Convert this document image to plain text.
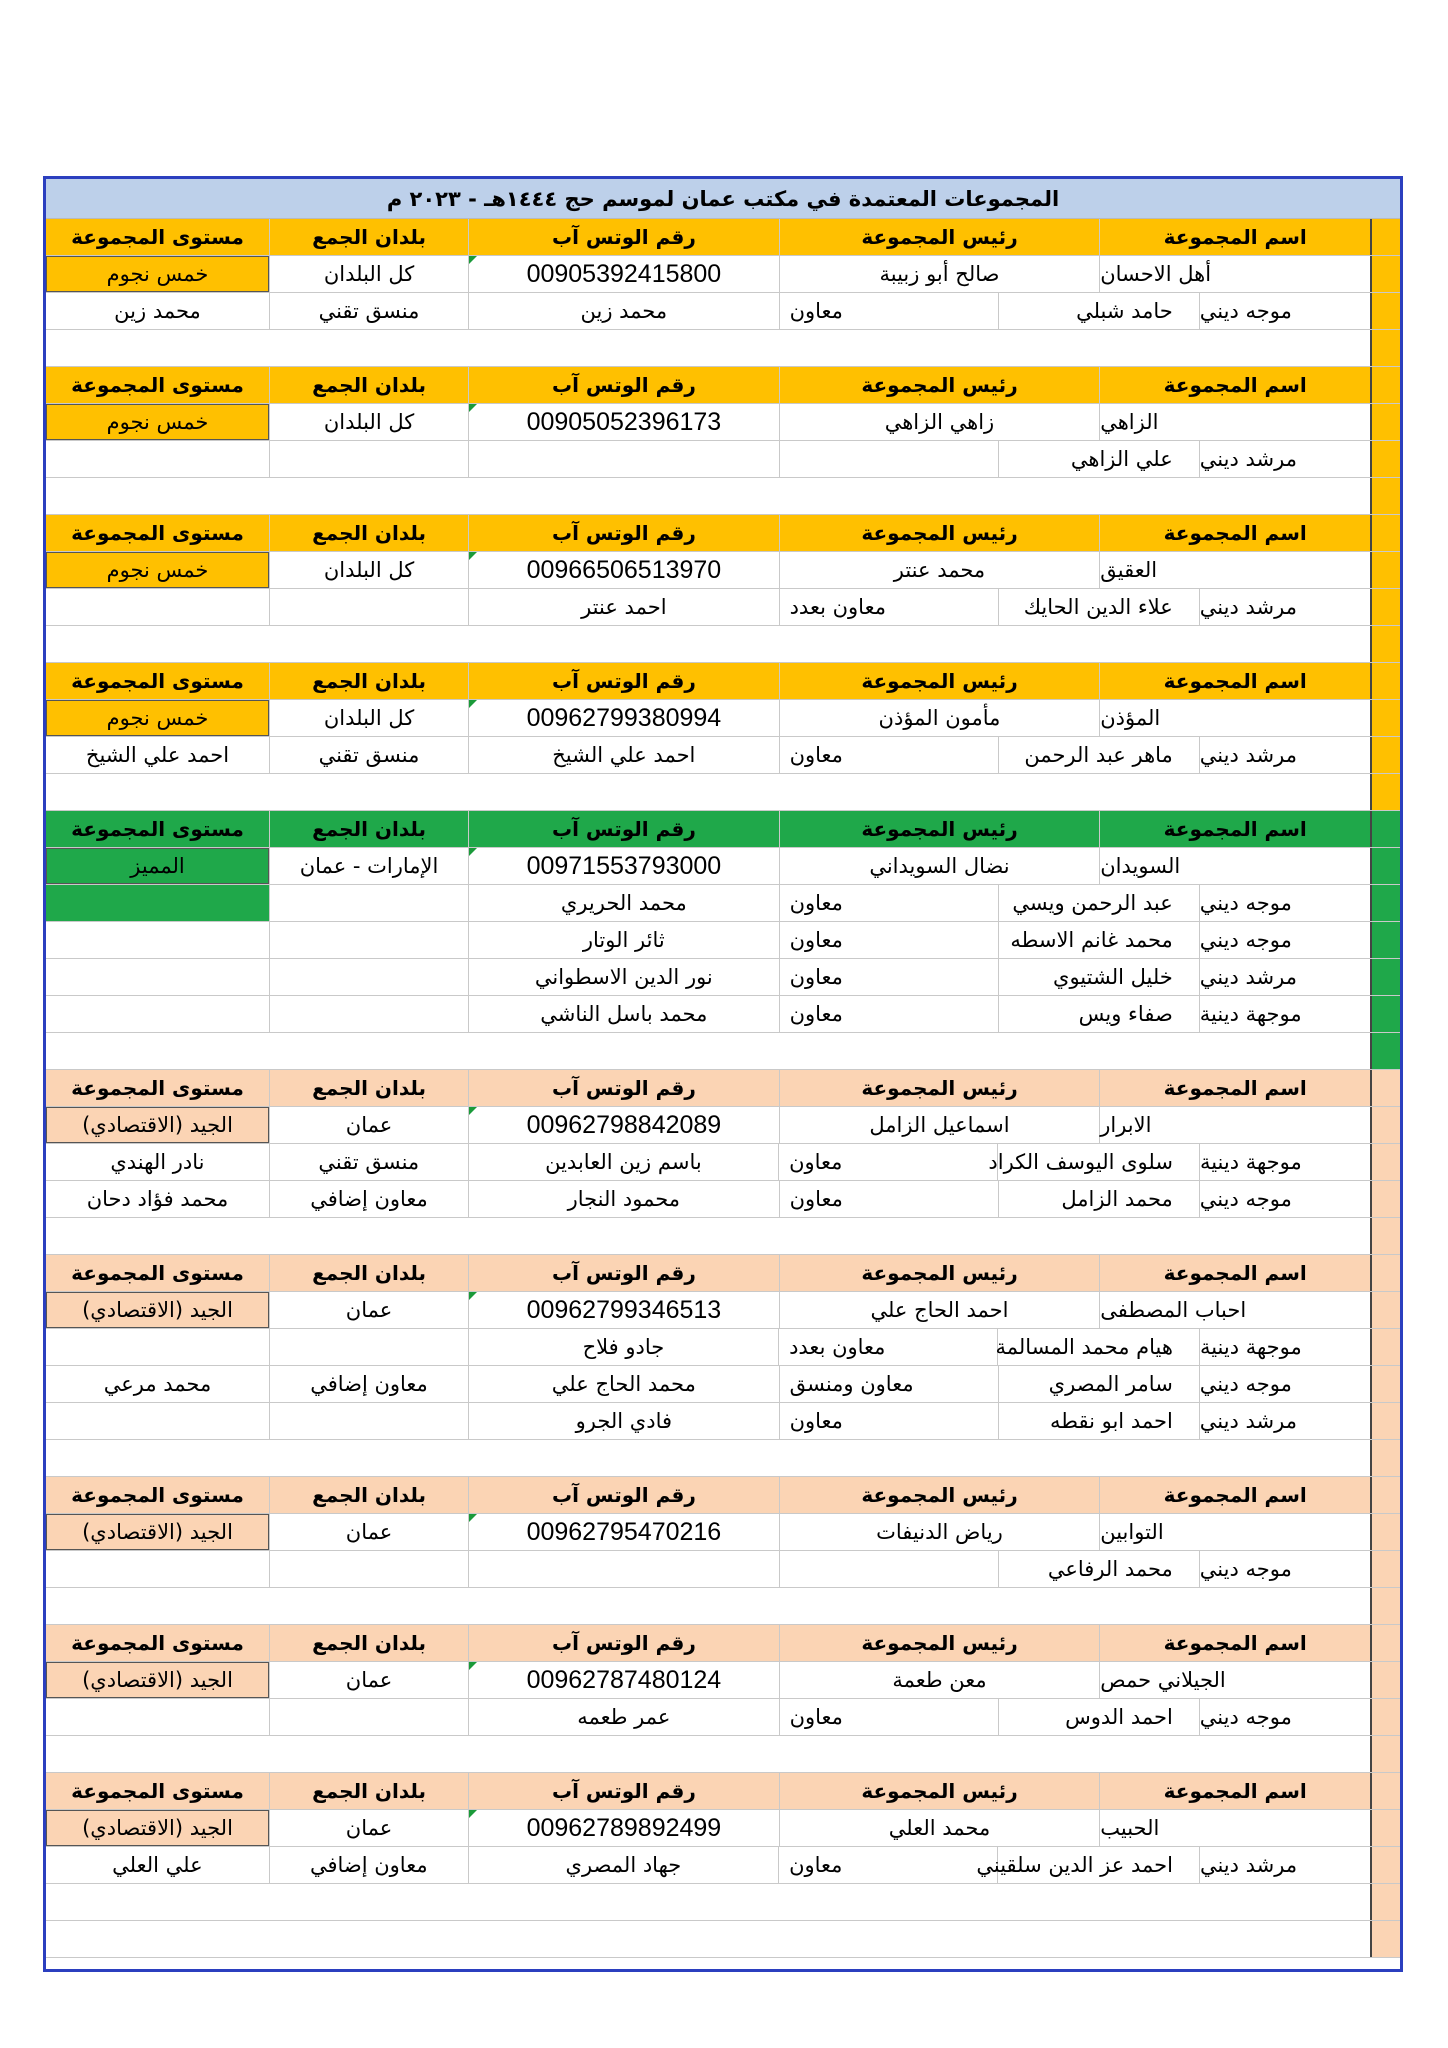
المجموعات المعتمدة في مكتب عمان لموسم حج ١٤٤٤هـ - ٢٠٢٣ م
اسم المجموعة
رئيس المجموعة
رقم الوتس آب
بلدان الجمع
مستوى المجموعة
أهل الاحسان
صالح أبو زبيبة
00905392415800
كل البلدان
خمس نجوم
موجه ديني
حامد شبلي
معاون
محمد زين
منسق تقني
محمد زين
اسم المجموعة
رئيس المجموعة
رقم الوتس آب
بلدان الجمع
مستوى المجموعة
الزاهي
زاهي الزاهي
00905052396173
كل البلدان
خمس نجوم
مرشد ديني
علي الزاهي
اسم المجموعة
رئيس المجموعة
رقم الوتس آب
بلدان الجمع
مستوى المجموعة
العقيق
محمد عنتر
00966506513970
كل البلدان
خمس نجوم
مرشد ديني
علاء الدين الحايك
معاون بعدد
احمد عنتر
اسم المجموعة
رئيس المجموعة
رقم الوتس آب
بلدان الجمع
مستوى المجموعة
المؤذن
مأمون المؤذن
00962799380994
كل البلدان
خمس نجوم
مرشد ديني
ماهر عبد الرحمن
معاون
احمد علي الشيخ
منسق تقني
احمد علي الشيخ
اسم المجموعة
رئيس المجموعة
رقم الوتس آب
بلدان الجمع
مستوى المجموعة
السويدان
نضال السويداني
00971553793000
الإمارات - عمان
المميز
موجه ديني
عبد الرحمن ويسي
معاون
محمد الحريري
موجه ديني
محمد غانم الاسطه
معاون
ثائر الوتار
مرشد ديني
خليل الشتيوي
معاون
نور الدين الاسطواني
موجهة دينية
صفاء ويس
معاون
محمد باسل الناشي
اسم المجموعة
رئيس المجموعة
رقم الوتس آب
بلدان الجمع
مستوى المجموعة
الابرار
اسماعيل الزامل
00962798842089
عمان
الجيد (الاقتصادي)
موجهة دينية
سلوى اليوسف الكراد
معاون
باسم زين العابدين
منسق تقني
نادر الهندي
موجه ديني
محمد الزامل
معاون
محمود النجار
معاون إضافي
محمد فؤاد دحان
اسم المجموعة
رئيس المجموعة
رقم الوتس آب
بلدان الجمع
مستوى المجموعة
احباب المصطفى
احمد الحاج علي
00962799346513
عمان
الجيد (الاقتصادي)
موجهة دينية
هيام محمد المسالمة
معاون بعدد
جادو فلاح
موجه ديني
سامر المصري
معاون ومنسق
محمد الحاج علي
معاون إضافي
محمد مرعي
مرشد ديني
احمد ابو نقطه
معاون
فادي الجرو
اسم المجموعة
رئيس المجموعة
رقم الوتس آب
بلدان الجمع
مستوى المجموعة
التوابين
رياض الدنيفات
00962795470216
عمان
الجيد (الاقتصادي)
موجه ديني
محمد الرفاعي
اسم المجموعة
رئيس المجموعة
رقم الوتس آب
بلدان الجمع
مستوى المجموعة
الجيلاني حمص
معن طعمة
00962787480124
عمان
الجيد (الاقتصادي)
موجه ديني
احمد الدوس
معاون
عمر طعمه
اسم المجموعة
رئيس المجموعة
رقم الوتس آب
بلدان الجمع
مستوى المجموعة
الحبيب
محمد العلي
00962789892499
عمان
الجيد (الاقتصادي)
مرشد ديني
احمد عز الدين سلقيني
معاون
جهاد المصري
معاون إضافي
علي العلي
